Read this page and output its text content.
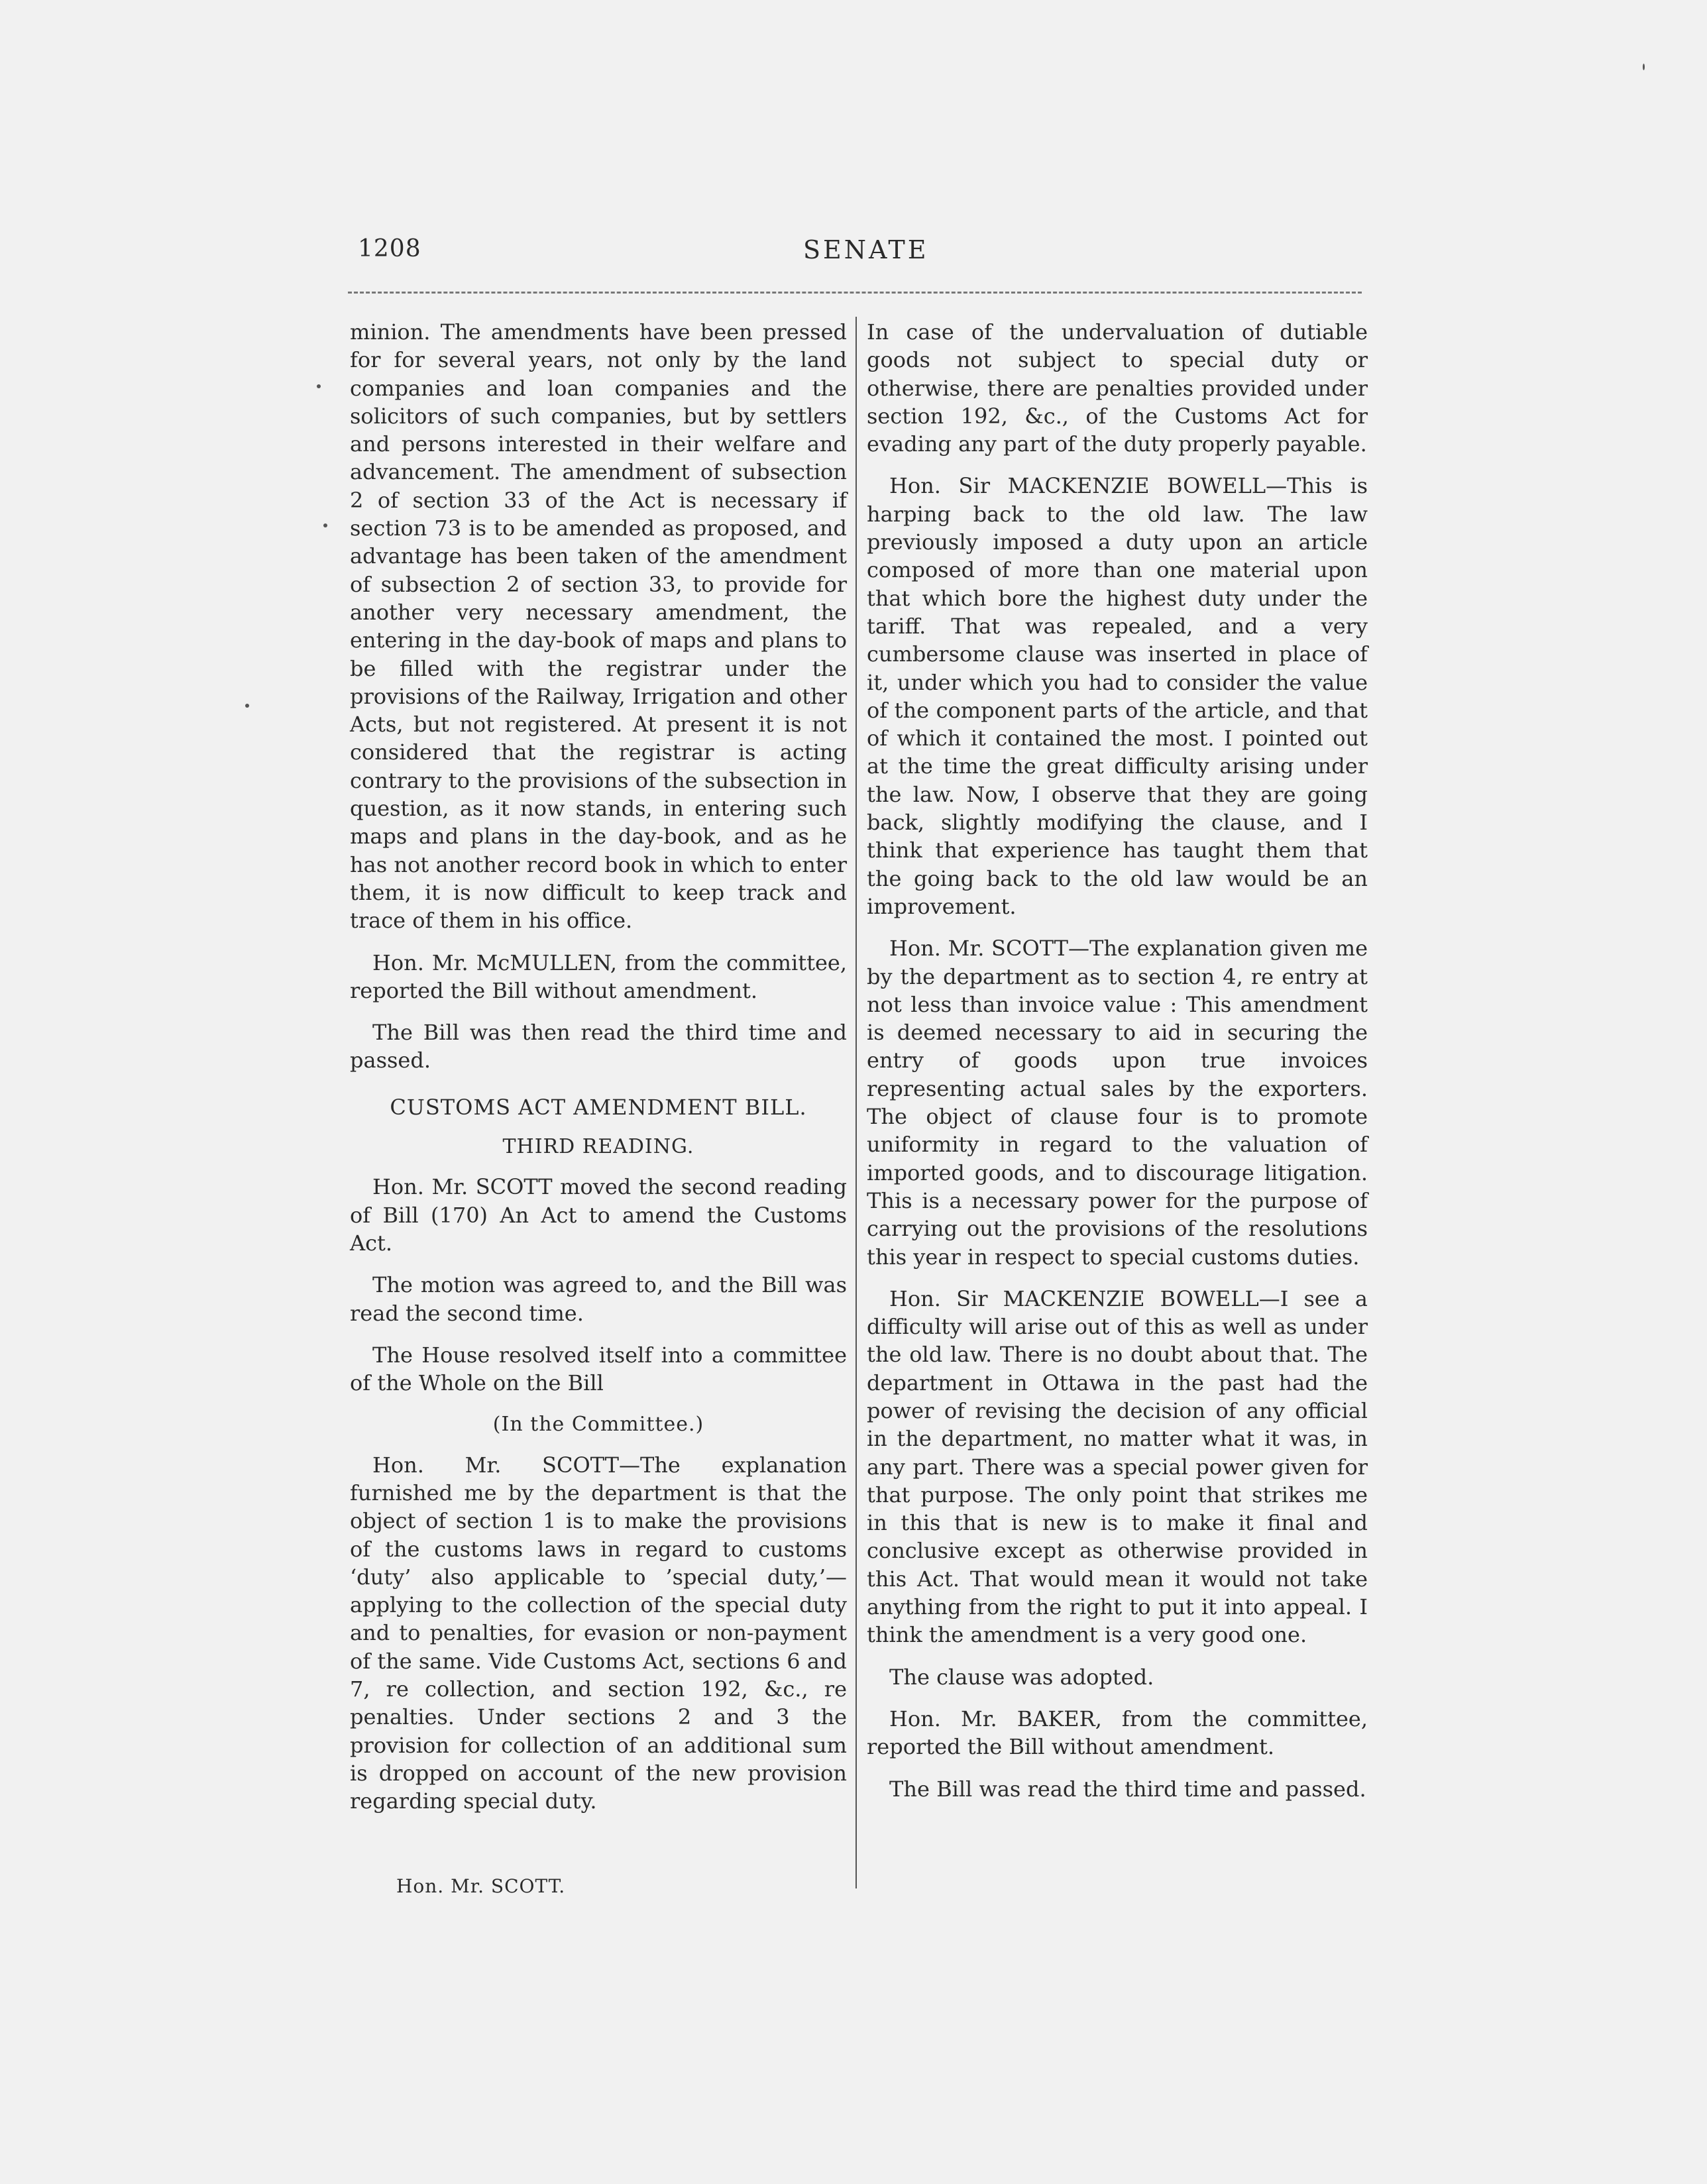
1208	SENATE

minion. The amendments have been pressed for for several years, not only by the land companies and loan companies and the solicitors of such companies, but by settlers and persons interested in their welfare and advancement. The amendment of subsection 2 of section 33 of the Act is necessary if section 73 is to be amended as proposed, and advantage has been taken of the amendment of subsection 2 of section 33, to provide for another very necessary amendment, the entering in the day-book of maps and plans to be filled with the registrar under the provisions of the Railway, Irrigation and other Acts, but not registered. At present it is not considered that the registrar is acting contrary to the provisions of the subsection in question, as it now stands, in entering such maps and plans in the day-book, and as he has not another record book in which to enter them, it is now difficult to keep track and trace of them in his office.

Hon. Mr. McMULLEN, from the committee, reported the Bill without amendment.

The Bill was then read the third time and passed.

CUSTOMS ACT AMENDMENT BILL.
THIRD READING.

Hon. Mr. SCOTT moved the second reading of Bill (170) An Act to amend the Customs Act.

The motion was agreed to, and the Bill was read the second time.

The House resolved itself into a committee of the Whole on the Bill

(In the Committee.)

Hon. Mr. SCOTT—The explanation furnished me by the department is that the object of section 1 is to make the provisions of the customs laws in regard to customs ‘duty’ also applicable to ’special duty,’—applying to the collection of the special duty and to penalties, for evasion or non-payment of the same. Vide Customs Act, sections 6 and 7, re collection, and section 192, &c., re penalties. Under sections 2 and 3 the provision for collection of an additional sum is dropped on account of the new provision regarding special duty.

In case of the undervaluation of dutiable goods not subject to special duty or otherwise, there are penalties provided under section 192, &c., of the Customs Act for evading any part of the duty properly payable.

Hon. Sir MACKENZIE BOWELL—This is harping back to the old law. The law previously imposed a duty upon an article composed of more than one material upon that which bore the highest duty under the tariff. That was repealed, and a very cumbersome clause was inserted in place of it, under which you had to consider the value of the component parts of the article, and that of which it contained the most. I pointed out at the time the great difficulty arising under the law. Now, I observe that they are going back, slightly modifying the clause, and I think that experience has taught them that the going back to the old law would be an improvement.

Hon. Mr. SCOTT—The explanation given me by the department as to section 4, re entry at not less than invoice value : This amendment is deemed necessary to aid in securing the entry of goods upon true invoices representing actual sales by the exporters. The object of clause four is to promote uniformity in regard to the valuation of imported goods, and to discourage litigation. This is a necessary power for the purpose of carrying out the provisions of the resolutions this year in respect to special customs duties.

Hon. Sir MACKENZIE BOWELL—I see a difficulty will arise out of this as well as under the old law. There is no doubt about that. The department in Ottawa in the past had the power of revising the decision of any official in the department, no matter what it was, in any part. There was a special power given for that purpose. The only point that strikes me in this that is new is to make it final and conclusive except as otherwise provided in this Act. That would mean it would not take anything from the right to put it into appeal. I think the amendment is a very good one.

The clause was adopted.

Hon. Mr. BAKER, from the committee, reported the Bill without amendment.

The Bill was read the third time and passed.

Hon. Mr. SCOTT.
